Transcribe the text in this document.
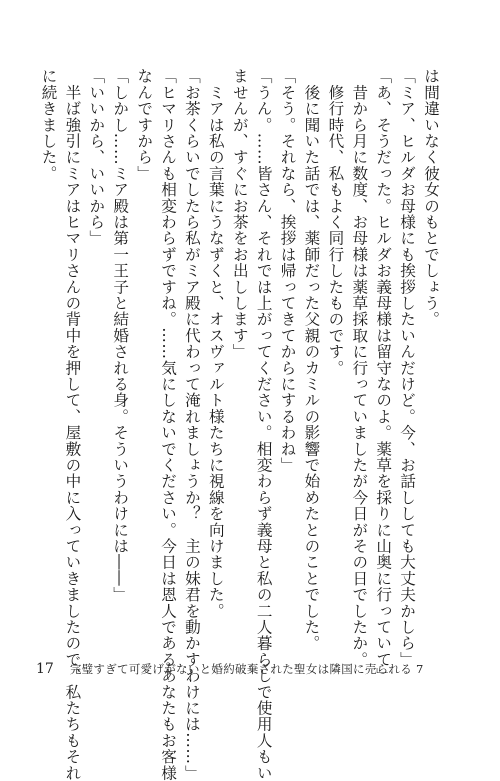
は間違いなく彼女のもとでしょう。
「ミア、ヒルダお母様にも挨拶したいんだけど。今、お話ししても大丈夫かしら」
「あ、そうだった。ヒルダお義母様は留守なのよ。薬草を採りに山奥に行っていて」
　昔から月に数度、お母様は薬草採取に行っていましたが今日がその日でしたか。
　修行時代、私もよく同行したものです。
　後に聞いた話では、薬師だった父親のカミルの影響で始めたとのことでした。
「そう。それなら、挨拶は帰ってきてからにするわね」
「うん。……皆さん、それでは上がってください。相変わらず義母と私の二人暮らしで使用人もい
ませんが、すぐにお茶をお出しします」
　ミアは私の言葉にうなずくと、オスヴァルト様たちに視線を向けました。
「お茶くらいでしたら私がミア殿に代わって淹れましょうか？　主の妹君を動かすわけには……」
「ヒマリさんも相変わらずですね。……気にしないでください。今日は恩人であるあなたもお客様
なんですから」
「しかし……ミア殿は第一王子と結婚される身。そういうわけには――」
「いいから、いいから」
　半ば強引にミアはヒマリさんの背中を押して、屋敷の中に入っていきましたので、私たちもそれ
に続きました。
17 完璧すぎて可愛げがないと婚約破棄された聖女は隣国に売られる 7
